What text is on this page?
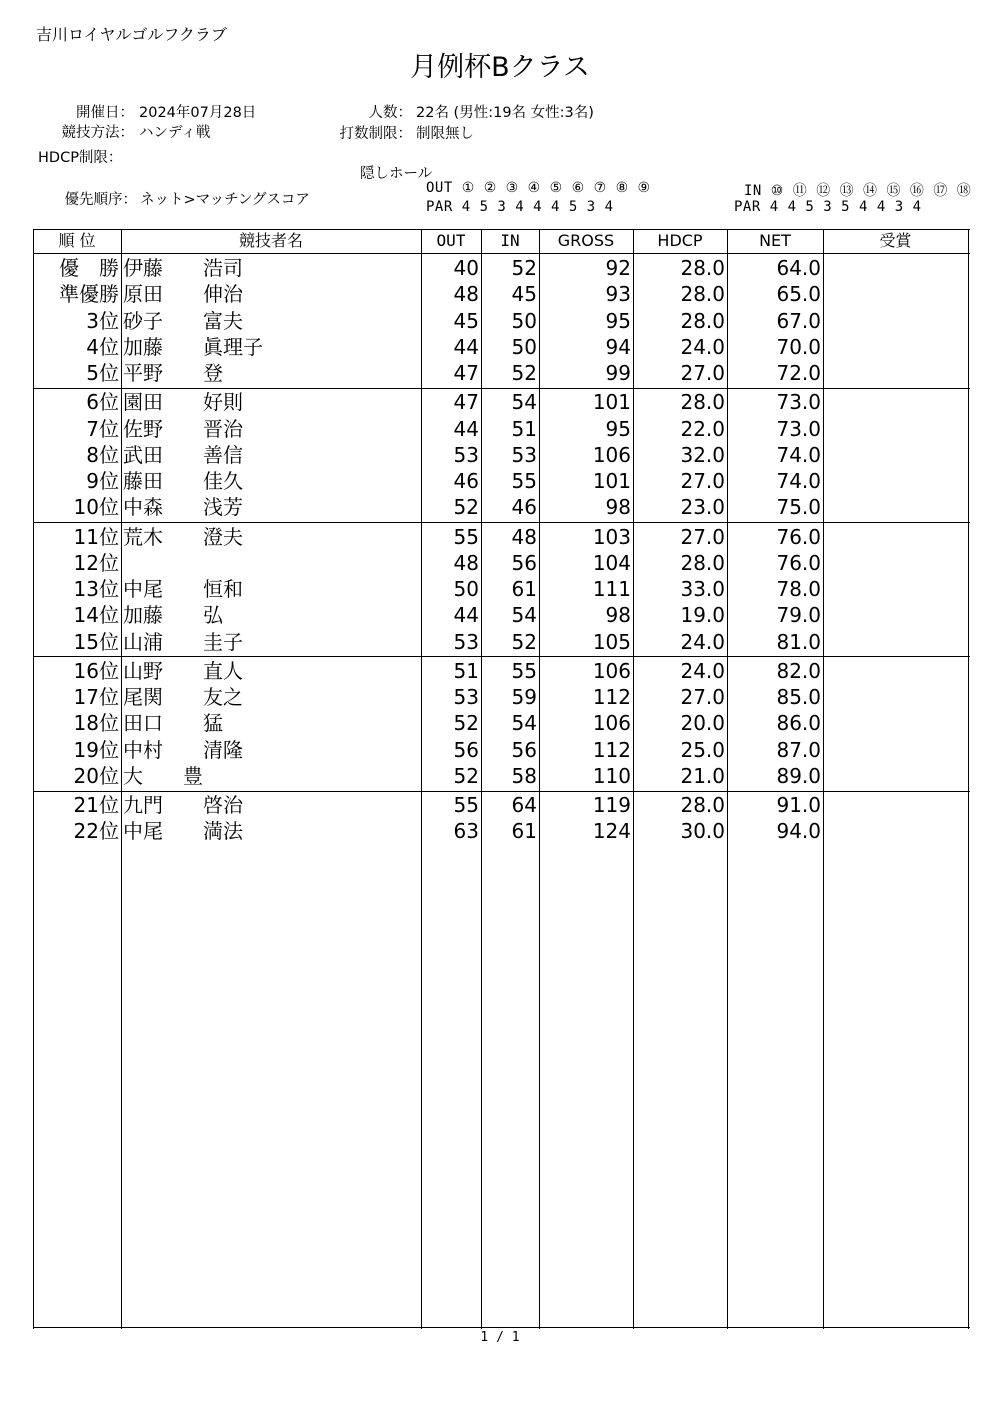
吉川ロイヤルゴルフクラブ
月例杯Bクラス
開催日： 2024年07月28日
競技方法： ハンディ戦
HDCP制限：
人数： 22名 (男性:19名 女性:3名)
打数制限： 制限無し
隠しホール
優先順序： ネット>マッチングスコア
OUT ① ② ③ ④ ⑤ ⑥ ⑦ ⑧ ⑨
PAR 4 5 3 4 4 4 5 3 4
IN ⑩ ⑪ ⑫ ⑬ ⑭ ⑮ ⑯ ⑰ ⑱
PAR 4 4 5 3 5 4 4 3 4
順 位	競技者名	OUT	IN	GROSS	HDCP	NET	受賞
優　勝 伊藤　　浩司	40	52	92	28.0	64.0
準優勝 原田　　伸治	48	45	93	28.0	65.0
3位 砂子　　富夫	45	50	95	28.0	67.0
4位 加藤　　眞理子	44	50	94	24.0	70.0
5位 平野　　登	47	52	99	27.0	72.0
6位 園田　　好則	47	54	101	28.0	73.0
7位 佐野　　晋治	44	51	95	22.0	73.0
8位 武田　　善信	53	53	106	32.0	74.0
9位 藤田　　佳久	46	55	101	27.0	74.0
10位 中森　　浅芳	52	46	98	23.0	75.0
11位 荒木　　澄夫	55	48	103	27.0	76.0
12位	48	56	104	28.0	76.0
13位 中尾　　恒和	50	61	111	33.0	78.0
14位 加藤　　弘	44	54	98	19.0	79.0
15位 山浦　　圭子	53	52	105	24.0	81.0
16位 山野　　直人	51	55	106	24.0	82.0
17位 尾関　　友之	53	59	112	27.0	85.0
18位 田口　　猛	52	54	106	20.0	86.0
19位 中村　　清隆	56	56	112	25.0	87.0
20位 大　　豊	52	58	110	21.0	89.0
21位 九門　　啓治	55	64	119	28.0	91.0
22位 中尾　　満法	63	61	124	30.0	94.0
1 / 1
